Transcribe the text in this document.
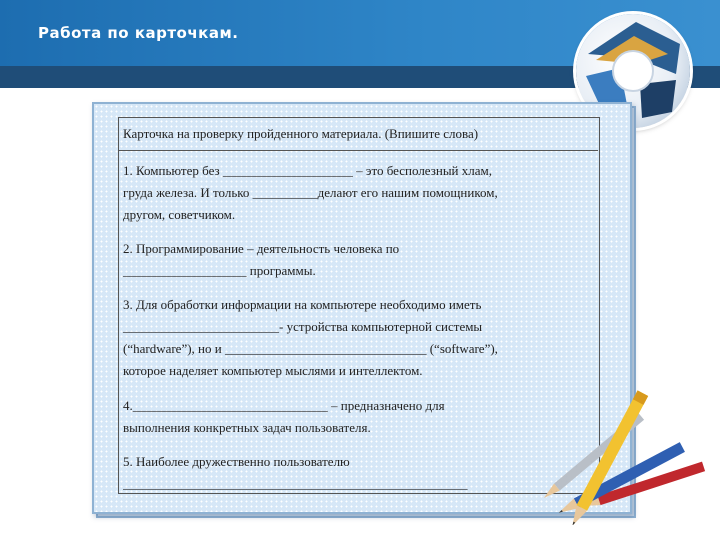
Работа по карточкам.
Карточка на проверку пройденного материала. (Впишите слова)
1. Компьютер без ____________________ – это бесполезный хлам,
груда железа. И только __________делают его нашим помощником,
другом, советчиком.
2. Программирование – деятельность человека по
___________________ программы.
3. Для обработки информации на компьютере необходимо иметь
________________________- устройства компьютерной системы
(“hardware”), но и _______________________________ (“software”),
которое наделяет компьютер мыслями и интеллектом.
4.______________________________ – предназначено для
выполнения конкретных задач пользователя.
5. Наиболее дружественно пользователю
_____________________________________________________
